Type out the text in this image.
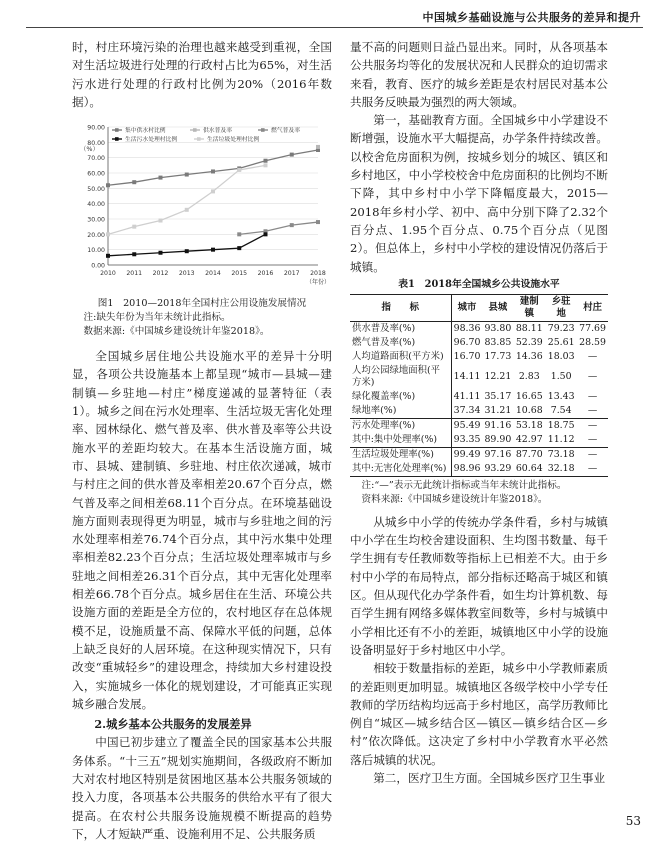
中国城乡基础设施与公共服务的差异和提升

时，村庄环境污染的治理也越来越受到重视，全国对生活垃圾进行处理的行政村占比为65%，对生活污水进行处理的行政村比例为20%（2016年数据）。

0.00
10.00
20.00
30.00
40.00
50.00
60.00
70.00
80.00
90.00
2010 2011 2012 2013 2014 2015 2016 2017 2018
（年份）
（%）
集中供水村比例	供水普及率	燃气普及率
生活污水处理村比例	生活垃圾处理村比例
图1　2010—2018年全国村庄公用设施发展情况
注:缺失年份为当年未统计此指标。
数据来源:《中国城乡建设统计年鉴2018》。

全国城乡居住地公共设施水平的差异十分明显，各项公共设施基本上都呈现“城市—县城—建制镇—乡驻地—村庄”梯度递减的显著特征（表1）。城乡之间在污水处理率、生活垃圾无害化处理率、园林绿化、燃气普及率、供水普及率等公共设施水平的差距均较大。在基本生活设施方面，城市、县城、建制镇、乡驻地、村庄依次递减，城市与村庄之间的供水普及率相差20.67个百分点，燃气普及率之间相差68.11个百分点。在环境基础设施方面则表现得更为明显，城市与乡驻地之间的污水处理率相差76.74个百分点，其中污水集中处理率相差82.23个百分点；生活垃圾处理率城市与乡驻地之间相差26.31个百分点，其中无害化处理率相差66.78个百分点。城乡居住在生活、环境公共设施方面的差距是全方位的，农村地区存在总体规模不足，设施质量不高、保障水平低的问题，总体上缺乏良好的人居环境。在这种现实情况下，只有改变“重城轻乡”的建设理念，持续加大乡村建设投入，实施城乡一体化的规划建设，才可能真正实现城乡融合发展。

2.城乡基本公共服务的发展差异

中国已初步建立了覆盖全民的国家基本公共服务体系。“十三五”规划实施期间，各级政府不断加大对农村地区特别是贫困地区基本公共服务领域的投入力度，各项基本公共服务的供给水平有了很大提高。在农村公共服务设施规模不断提高的趋势下，人才短缺严重、设施利用不足、公共服务质

量不高的问题则日益凸显出来。同时，从各项基本公共服务均等化的发展状况和人民群众的迫切需求来看，教育、医疗的城乡差距是农村居民对基本公共服务反映最为强烈的两大领域。

第一，基础教育方面。全国城乡中小学建设不断增强，设施水平大幅提高，办学条件持续改善。以校舍危房面积为例，按城乡划分的城区、镇区和乡村地区，中小学校校舍中危房面积的比例均不断下降，其中乡村中小学下降幅度最大，2015—2018年乡村小学、初中、高中分别下降了2.32个百分点、1.95个百分点、0.75个百分点（见图2）。但总体上，乡村中小学校的建设情况仍落后于城镇。

表1　2018年全国城乡公共设施水平
指　　标	城市	县城	建制镇	乡驻地	村庄
供水普及率(%)	98.36	93.80	88.11	79.23	77.69
燃气普及率(%)	96.70	83.85	52.39	25.61	28.59
人均道路面积(平方米)	16.70	17.73	14.36	18.03	—
人均公园绿地面积(平方米)	14.11	12.21	2.83	1.50	—
绿化覆盖率(%)	41.11	35.17	16.65	13.43	—
绿地率(%)	37.34	31.21	10.68	7.54	—
污水处理率(%)	95.49	91.16	53.18	18.75	—
其中:集中处理率(%)	93.35	89.90	42.97	11.12	—
生活垃圾处理率(%)	99.49	97.16	87.70	73.18	—
其中:无害化处理率(%)	98.96	93.29	60.64	32.18	—
注:“—”表示无此统计指标或当年未统计此指标。
资料来源:《中国城乡建设统计年鉴2018》。

从城乡中小学的传统办学条件看，乡村与城镇中小学在生均校舍建设面积、生均图书数量、每千学生拥有专任教师数等指标上已相差不大。由于乡村中小学的布局特点，部分指标还略高于城区和镇区。但从现代化办学条件看，如生均计算机数、每百学生拥有网络多媒体教室间数等，乡村与城镇中小学相比还有不小的差距，城镇地区中小学的设施设备明显好于乡村地区中小学。

相较于数量指标的差距，城乡中小学教师素质的差距则更加明显。城镇地区各级学校中小学专任教师的学历结构均远高于乡村地区，高学历教师比例自“城区—城乡结合区—镇区—镇乡结合区—乡村”依次降低。这决定了乡村中小学教育水平必然落后城镇的状况。

第二，医疗卫生方面。全国城乡医疗卫生事业

53
